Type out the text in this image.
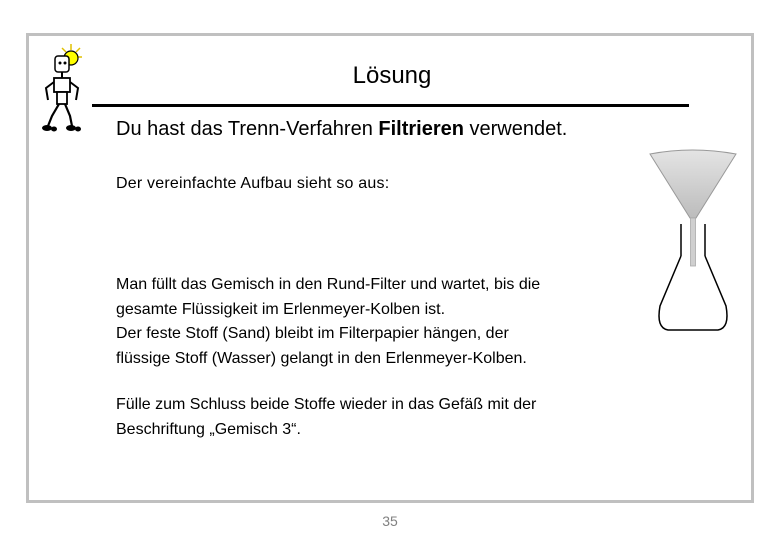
Lösung
Du hast das Trenn-Verfahren Filtrieren verwendet.
Der vereinfachte Aufbau sieht so aus:

Man füllt das Gemisch in den Rund-Filter und wartet, bis die

gesamte Flüssigkeit im Erlenmeyer-Kolben ist.

Der feste Stoff (Sand) bleibt im Filterpapier hängen, der

flüssige Stoff (Wasser) gelangt in den Erlenmeyer-Kolben.

Fülle zum Schluss beide Stoffe wieder in das Gefäß mit der

Beschriftung „Gemisch 3“.

35
